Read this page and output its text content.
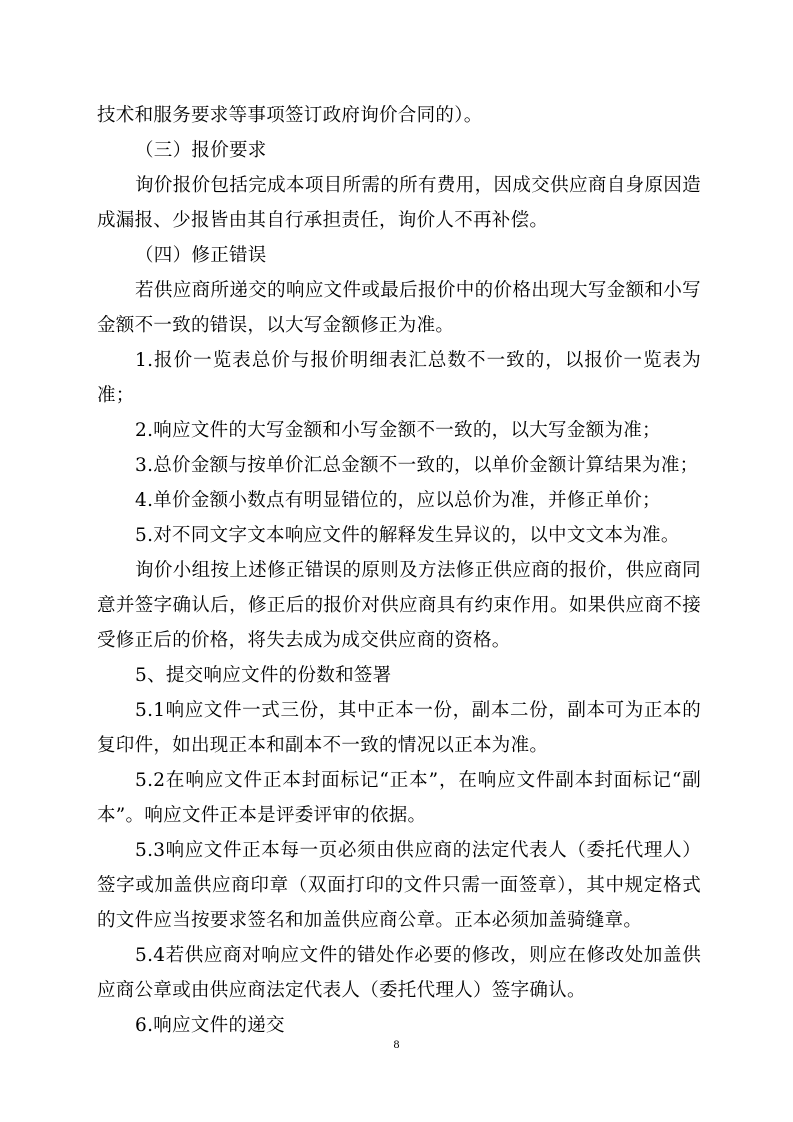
技术和服务要求等事项签订政府询价合同的）。

（三）报价要求

询价报价包括完成本项目所需的所有费用，因成交供应商自身原因造成漏报、少报皆由其自行承担责任，询价人不再补偿。

（四）修正错误

若供应商所递交的响应文件或最后报价中的价格出现大写金额和小写金额不一致的错误，以大写金额修正为准。

1.报价一览表总价与报价明细表汇总数不一致的，以报价一览表为准；

2.响应文件的大写金额和小写金额不一致的，以大写金额为准；

3.总价金额与按单价汇总金额不一致的，以单价金额计算结果为准；

4.单价金额小数点有明显错位的，应以总价为准，并修正单价；

5.对不同文字文本响应文件的解释发生异议的，以中文文本为准。

询价小组按上述修正错误的原则及方法修正供应商的报价，供应商同意并签字确认后，修正后的报价对供应商具有约束作用。如果供应商不接受修正后的价格，将失去成为成交供应商的资格。

5、提交响应文件的份数和签署

5.1响应文件一式三份，其中正本一份，副本二份，副本可为正本的复印件，如出现正本和副本不一致的情况以正本为准。

5.2在响应文件正本封面标记“正本”，在响应文件副本封面标记“副本”。响应文件正本是评委评审的依据。

5.3响应文件正本每一页必须由供应商的法定代表人（委托代理人）签字或加盖供应商印章（双面打印的文件只需一面签章），其中规定格式的文件应当按要求签名和加盖供应商公章。正本必须加盖骑缝章。

5.4若供应商对响应文件的错处作必要的修改，则应在修改处加盖供应商公章或由供应商法定代表人（委托代理人）签字确认。

6.响应文件的递交

8
